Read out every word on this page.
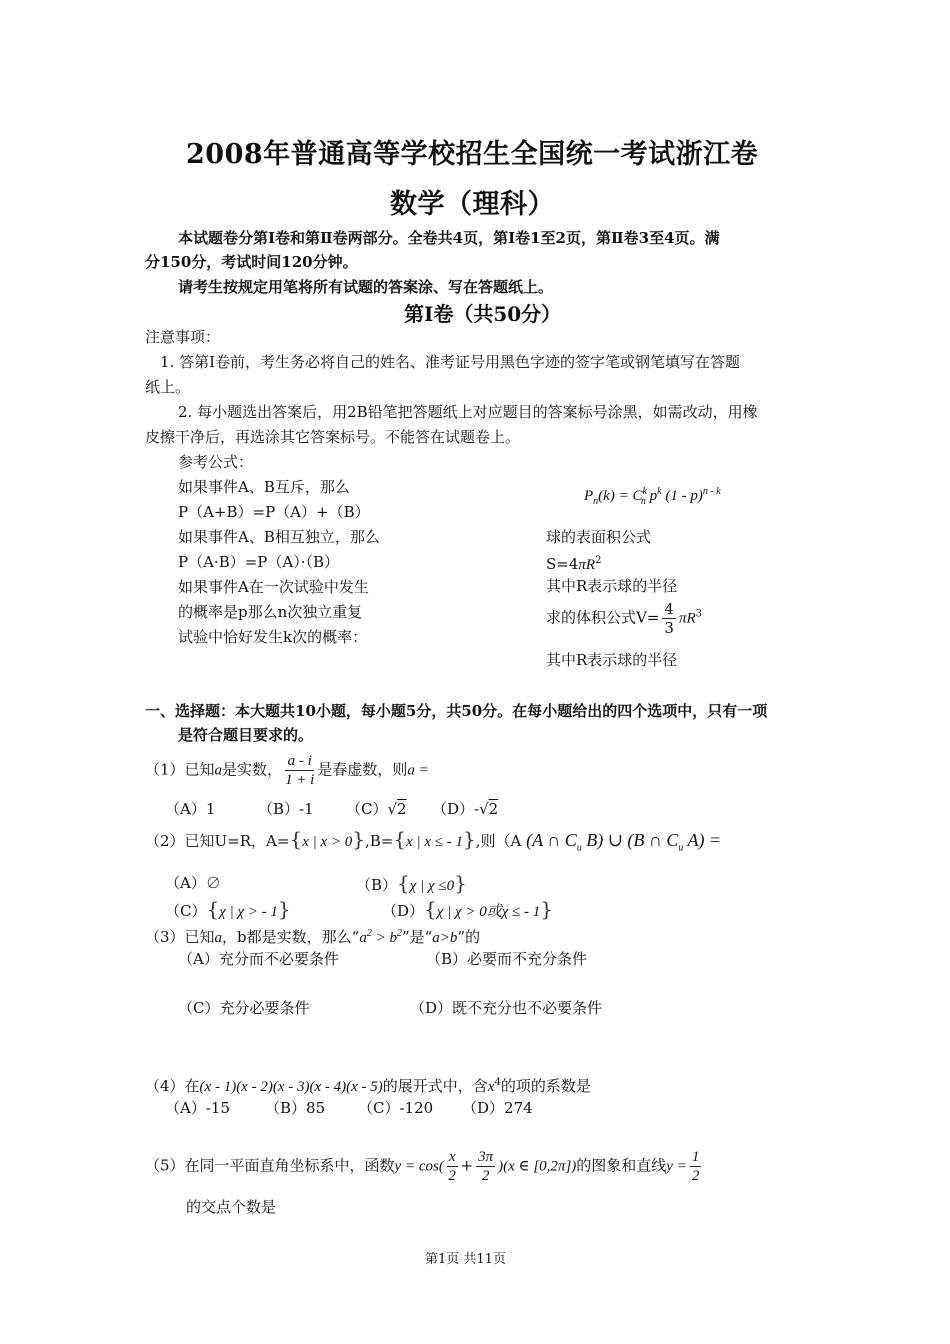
2008年普通高等学校招生全国统一考试浙江卷
数学（理科）
本试题卷分第Ⅰ卷和第Ⅱ卷两部分。全卷共4页，第Ⅰ卷1至2页，第Ⅱ卷3至4页。满
分150分，考试时间120分钟。
请考生按规定用笔将所有试题的答案涂、写在答题纸上。
第Ⅰ卷（共50分）
注意事项：
1. 答第Ⅰ卷前，考生务必将自己的姓名、准考证号用黑色字迹的签字笔或钢笔填写在答题
纸上。
2. 每小题选出答案后，用2B铅笔把答题纸上对应题目的答案标号涂黑，如需改动，用橡
皮擦干净后，再选涂其它答案标号。不能答在试题卷上。
参考公式：
如果事件A、B互斥，那么
P（A+B）=P（A）+（B）
如果事件A、B相互独立，那么
P（A·B）=P（A）·（B）
如果事件A在一次试验中发生
的概率是p那么n次独立重复
试验中恰好发生k次的概率：
$P_n(k) = C^k_n$ $p^k$ (1 - p)$^{n - k}$
球的表面积公式
$S=4\pi R^2$
其中R表示球的半径
求的体积公式$V= \frac{4}{3} \pi R^3$
其中R表示球的半径
一、选择题：本大题共10小题，每小题5分，共50分。在每小题给出的四个选项中，只有一项
是符合题目要求的。
（1）已知a是实数， $\frac{a - i}{1 + i}$ 是春虚数，则a =
（A）1	（B）-1 （C）√2 （D）-√2
（2）已知U=R，A={x | x > 0},B={x | x ≤ - 1},则（A (A ∩ $C_u$ B) ∪ (B ∩ $C_u$ A) =
（A）∅	（B）{χ | χ ≤0}
（C）{χ | χ > - 1}	（D）{χ | χ > 0或χ ≤ - 1}
（3）已知a，b都是实数，那么“$a^2 > b^2$”是“a>b”的
（A）充分而不必要条件	（B）必要而不充分条件
（C）充分必要条件	（D）既不充分也不必要条件
（4）在(x - 1)(x - 2)(x - 3)(x - 4)(x - 5)的展开式中，含$x^4$的项的系数是
（A）-15 （B）85 （C）-120 （D）274
（5）在同一平面直角坐标系中，函数$y = \cos( \frac{x}{2} + \frac{3\pi}{2} )(x$ ∈ [0,2π])的图象和直线$y = \frac{1}{2}$
的交点个数是
第1页 共11页
